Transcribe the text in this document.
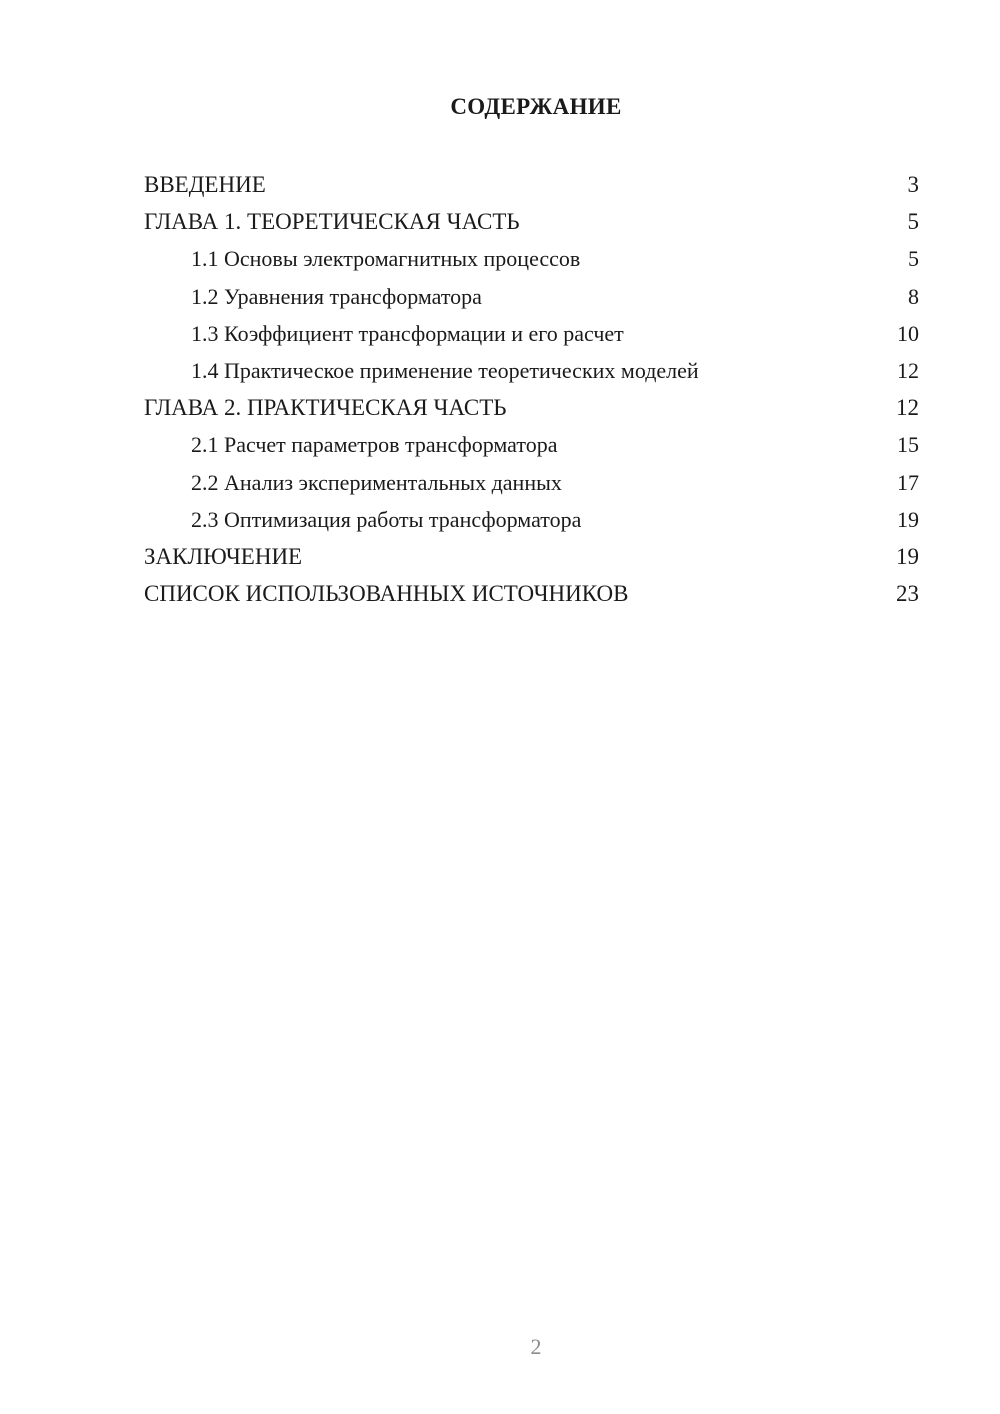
СОДЕРЖАНИЕ
ВВЕДЕНИЕ	3
ГЛАВА 1. ТЕОРЕТИЧЕСКАЯ ЧАСТЬ	5
1.1 Основы электромагнитных процессов	5
1.2 Уравнения трансформатора	8
1.3 Коэффициент трансформации и его расчет	10
1.4 Практическое применение теоретических моделей	12
ГЛАВА 2. ПРАКТИЧЕСКАЯ ЧАСТЬ	12
2.1 Расчет параметров трансформатора	15
2.2 Анализ экспериментальных данных	17
2.3 Оптимизация работы трансформатора	19
ЗАКЛЮЧЕНИЕ	19
СПИСОК ИСПОЛЬЗОВАННЫХ ИСТОЧНИКОВ	23
2
